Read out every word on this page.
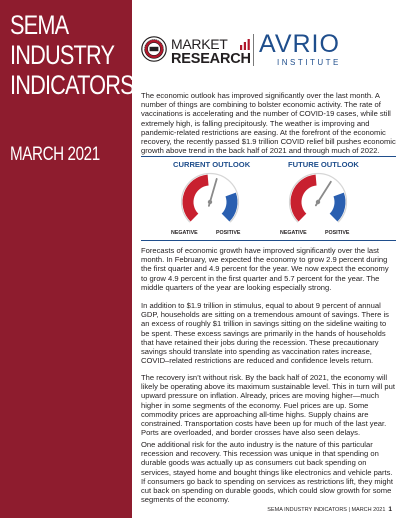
SEMA
INDUSTRY
INDICATORS
MARCH 2021
MARKET
RESEARCH
AVRIO
INSTITUTE

The economic outlook has improved significantly over the last month. A number of things are combining to bolster economic activity. The rate of vaccinations is accelerating and the number of COVID-19 cases, while still extremely high, is falling precipitously. The weather is improving and pandemic-related restrictions are easing. At the forefront of the economic recovery, the recently passed $1.9 trillion COVID relief bill pushes economic growth above trend in the back half of 2021 and through much of 2022.

CURRENT OUTLOOK	FUTURE OUTLOOK
NEGATIVE	POSITIVE	NEGATIVE	POSITIVE

Forecasts of economic growth have improved significantly over the last month. In February, we expected the economy to grow 2.9 percent during the first quarter and 4.9 percent for the year. We now expect the economy to grow 4.9 percent in the first quarter and 5.7 percent for the year. The middle quarters of the year are looking especially strong.

In addition to $1.9 trillion in stimulus, equal to about 9 percent of annual GDP, households are sitting on a tremendous amount of savings. There is an excess of roughly $1 trillion in savings sitting on the sideline waiting to be spent. These excess savings are primarily in the hands of households that have retained their jobs during the recession. These precautionary savings should translate into spending as vaccination rates increase, COVID–related restrictions are reduced and confidence levels return.

The recovery isn’t without risk. By the back half of 2021, the economy will likely be operating above its maximum sustainable level. This in turn will put upward pressure on inflation. Already, prices are moving higher—much higher in some segments of the economy. Fuel prices are up. Some commodity prices are approaching all-time highs. Supply chains are constrained. Transportation costs have been up for much of the last year. Ports are overloaded, and border crosses have also seen delays.

One additional risk for the auto industry is the nature of this particular recession and recovery. This recession was unique in that spending on durable goods was actually up as consumers cut back spending on services, stayed home and bought things like electronics and vehicle parts. If consumers go back to spending on services as restrictions lift, they might cut back on spending on durable goods, which could slow growth for some segments of the economy.

SEMA INDUSTRY INDICATORS | MARCH 2021 1
